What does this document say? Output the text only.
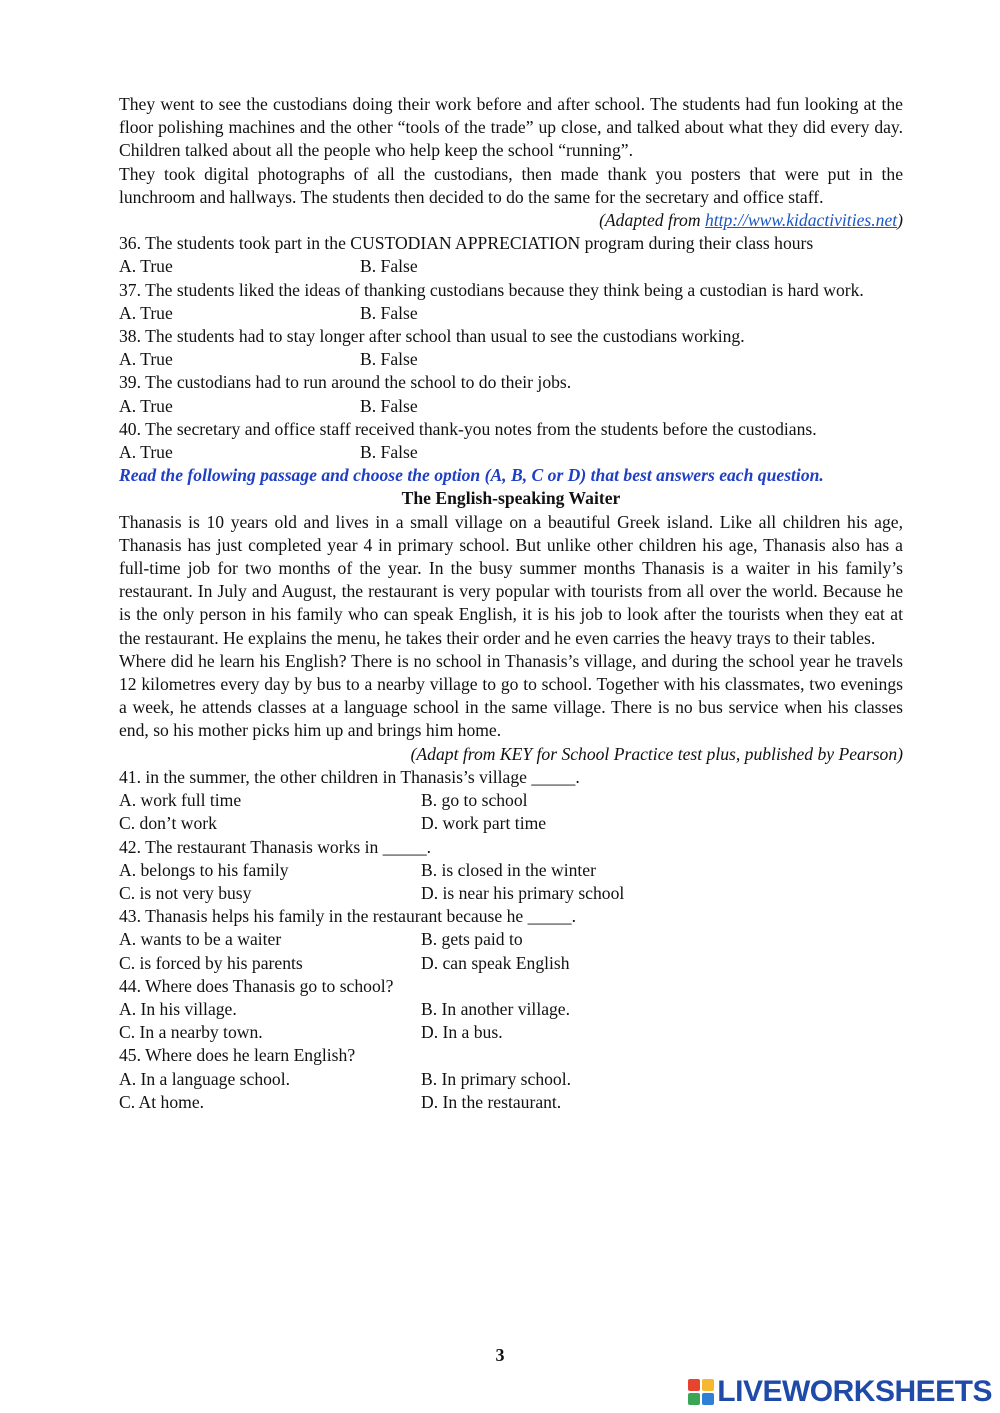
They went to see the custodians doing their work before and after school. The students had fun looking at the floor polishing machines and the other “tools of the trade” up close, and talked about what they did every day. Children talked about all the people who help keep the school “running”.

They took digital photographs of all the custodians, then made thank you posters that were put in the lunchroom and hallways. The students then decided to do the same for the secretary and office staff.

(Adapted from http://www.kidactivities.net)

36. The students took part in the CUSTODIAN APPRECIATION program during their class hours

A. True	B. False

37. The students liked the ideas of thanking custodians because they think being a custodian is hard work.

A. True	B. False

38. The students had to stay longer after school than usual to see the custodians working.

A. True	B. False

39. The custodians had to run around the school to do their jobs.

A. True	B. False

40. The secretary and office staff received thank-you notes from the students before the custodians.

A. True	B. False

Read the following passage and choose the option (A, B, C or D) that best answers each question.

The English-speaking Waiter

Thanasis is 10 years old and lives in a small village on a beautiful Greek island. Like all children his age, Thanasis has just completed year 4 in primary school. But unlike other children his age, Thanasis also has a full-time job for two months of the year. In the busy summer months Thanasis is a waiter in his family’s restaurant. In July and August, the restaurant is very popular with tourists from all over the world. Because he is the only person in his family who can speak English, it is his job to look after the tourists when they eat at the restaurant. He explains the menu, he takes their order and he even carries the heavy trays to their tables.

Where did he learn his English? There is no school in Thanasis’s village, and during the school year he travels 12 kilometres every day by bus to a nearby village to go to school. Together with his classmates, two evenings a week, he attends classes at a language school in the same village. There is no bus service when his classes end, so his mother picks him up and brings him home.

(Adapt from KEY for School Practice test plus, published by Pearson)

41. in the summer, the other children in Thanasis’s village _____.

A. work full time	B. go to school
C. don’t work	D. work part time

42. The restaurant Thanasis works in _____.

A. belongs to his family	B. is closed in the winter
C. is not very busy	D. is near his primary school

43. Thanasis helps his family in the restaurant because he _____.

A. wants to be a waiter	B. gets paid to
C. is forced by his parents	D. can speak English

44. Where does Thanasis go to school?

A. In his village.	B. In another village.
C. In a nearby town.	D. In a bus.

45. Where does he learn English?

A. In a language school.	B. In primary school.
C. At home.	D. In the restaurant.
3
LIVEWORKSHEETS
